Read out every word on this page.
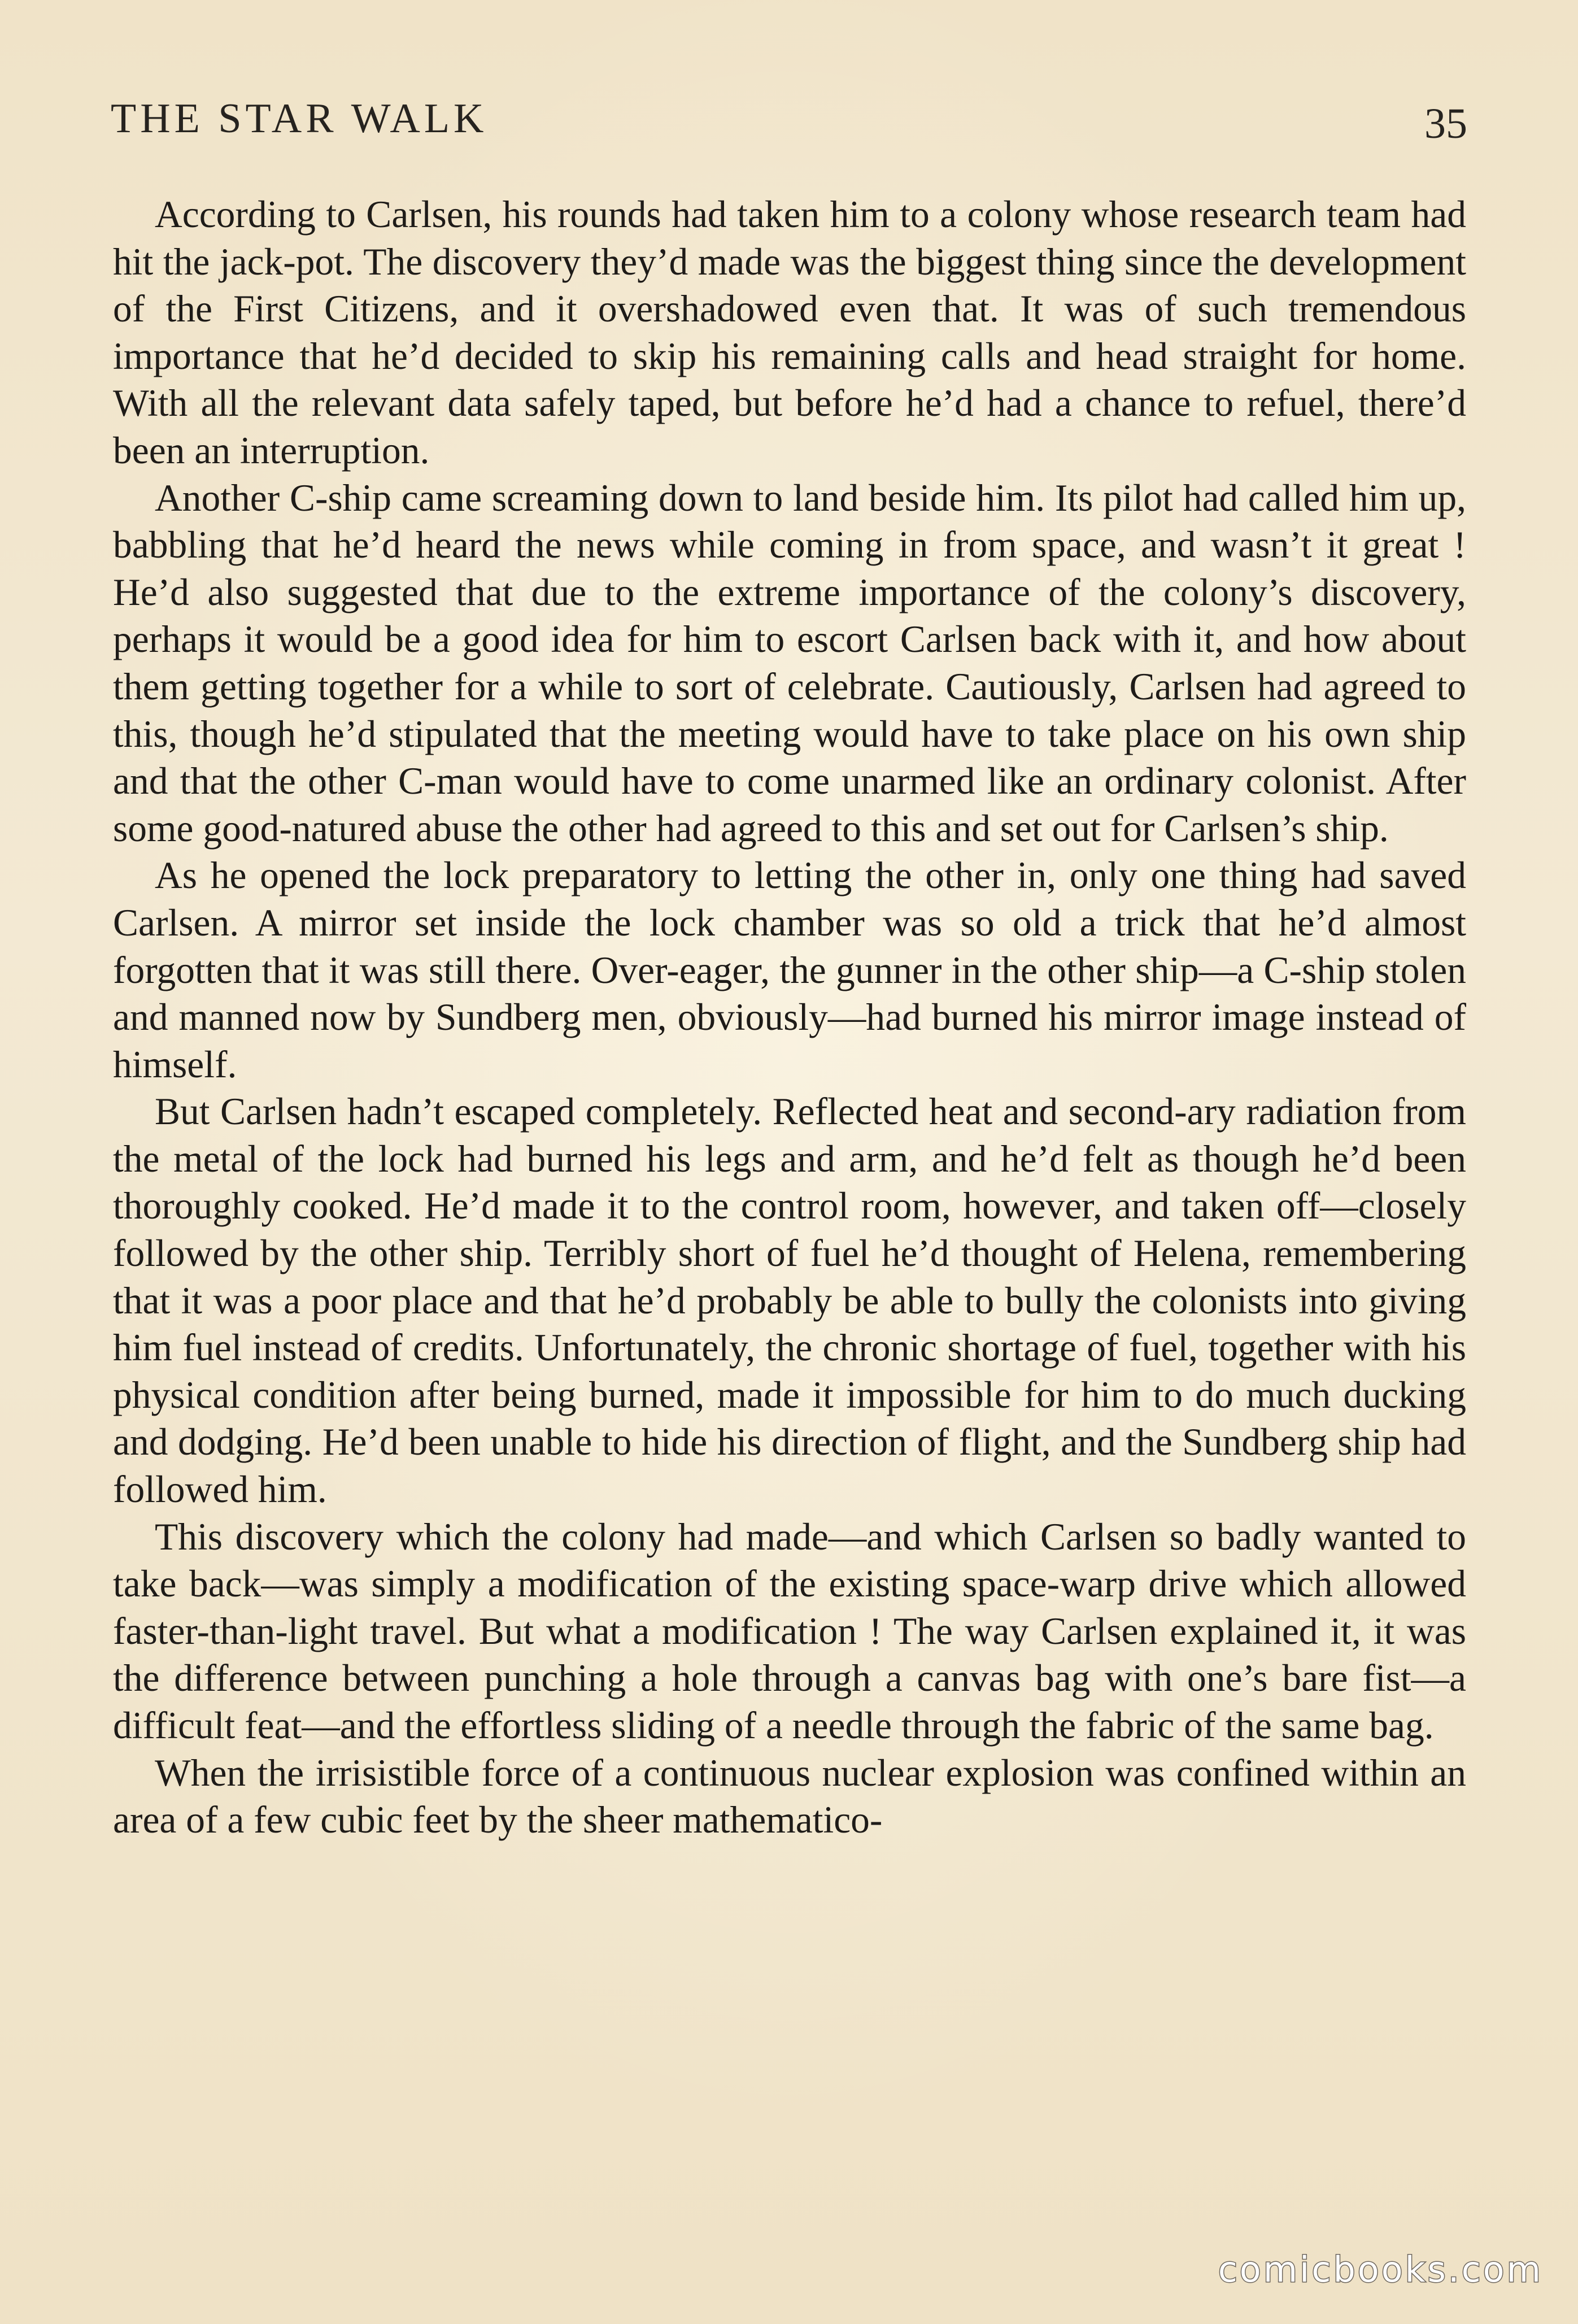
THE STAR WALK	35

According to Carlsen, his rounds had taken him to a colony whose research team had hit the jack-pot. The discovery they’d made was the biggest thing since the development of the First Citizens, and it overshadowed even that. It was of such tremendous importance that he’d decided to skip his remaining calls and head straight for home. With all the relevant data safely taped, but before he’d had a chance to refuel, there’d been an interruption.

Another C-ship came screaming down to land beside him. Its pilot had called him up, babbling that he’d heard the news while coming in from space, and wasn’t it great ! He’d also suggested that due to the extreme importance of the colony’s discovery, perhaps it would be a good idea for him to escort Carlsen back with it, and how about them getting together for a while to sort of celebrate. Cautiously, Carlsen had agreed to this, though he’d stipulated that the meeting would have to take place on his own ship and that the other C-man would have to come unarmed like an ordinary colonist. After some good-natured abuse the other had agreed to this and set out for Carlsen’s ship.

As he opened the lock preparatory to letting the other in, only one thing had saved Carlsen. A mirror set inside the lock chamber was so old a trick that he’d almost forgotten that it was still there. Over-eager, the gunner in the other ship—a C-ship stolen and manned now by Sundberg men, obviously—had burned his mirror image instead of himself.

But Carlsen hadn’t escaped completely. Reflected heat and second-ary radiation from the metal of the lock had burned his legs and arm, and he’d felt as though he’d been thoroughly cooked. He’d made it to the control room, however, and taken off—closely followed by the other ship. Terribly short of fuel he’d thought of Helena, remembering that it was a poor place and that he’d probably be able to bully the colonists into giving him fuel instead of credits. Unfortunately, the chronic shortage of fuel, together with his physical condition after being burned, made it impossible for him to do much ducking and dodging. He’d been unable to hide his direction of flight, and the Sundberg ship had followed him.

This discovery which the colony had made—and which Carlsen so badly wanted to take back—was simply a modification of the existing space-warp drive which allowed faster-than-light travel. But what a modification ! The way Carlsen explained it, it was the difference between punching a hole through a canvas bag with one’s bare fist—a difficult feat—and the effortless sliding of a needle through the fabric of the same bag.

When the irrisistible force of a continuous nuclear explosion was confined within an area of a few cubic feet by the sheer mathematico-

comicbooks.com
